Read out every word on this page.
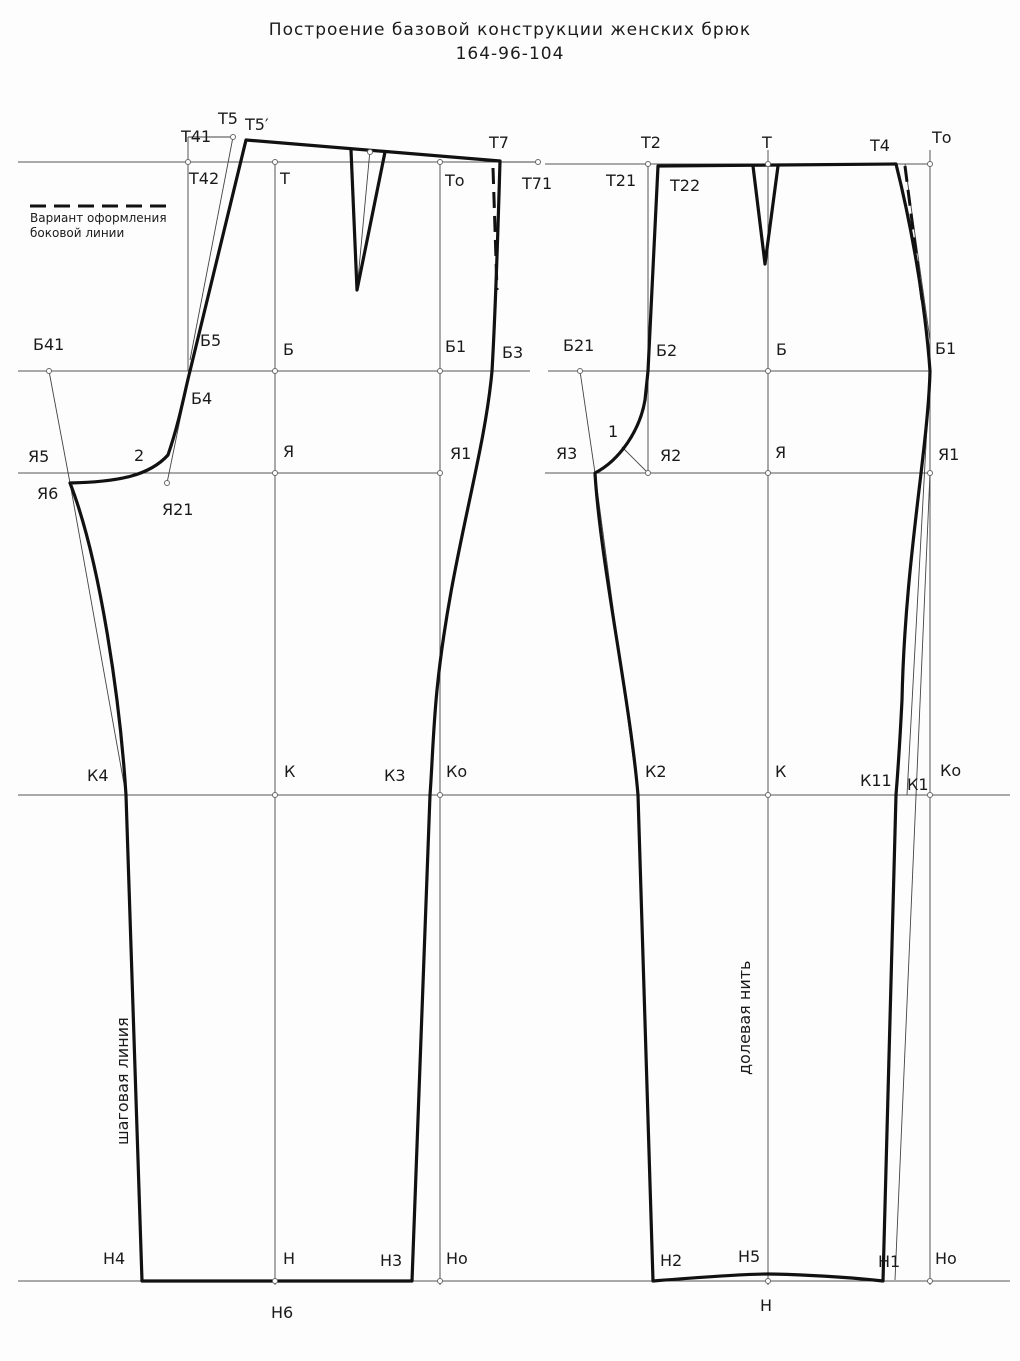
Построение базовой конструкции женских брюк
164-96-104
Вариант оформления
боковой линии
шаговая линия	долевая нить
Т41
Т5 Т5′
Т7
Т42	Т	То	Т71
Б41	Б5	Б	Б1 Б3
Б4
Я5	2	Я	Я1
Я6
Я21
К4	К	К3	Ко
Н4	Н	Н3	Но
Н6
Т2	Т	Т4	То
Т21 Т22
Б21	Б2	Б	Б1
1
Я3	Я2	Я	Я1
К2	К	К11 К1
Ко
Н2	Н5	Н1 Но
Н
